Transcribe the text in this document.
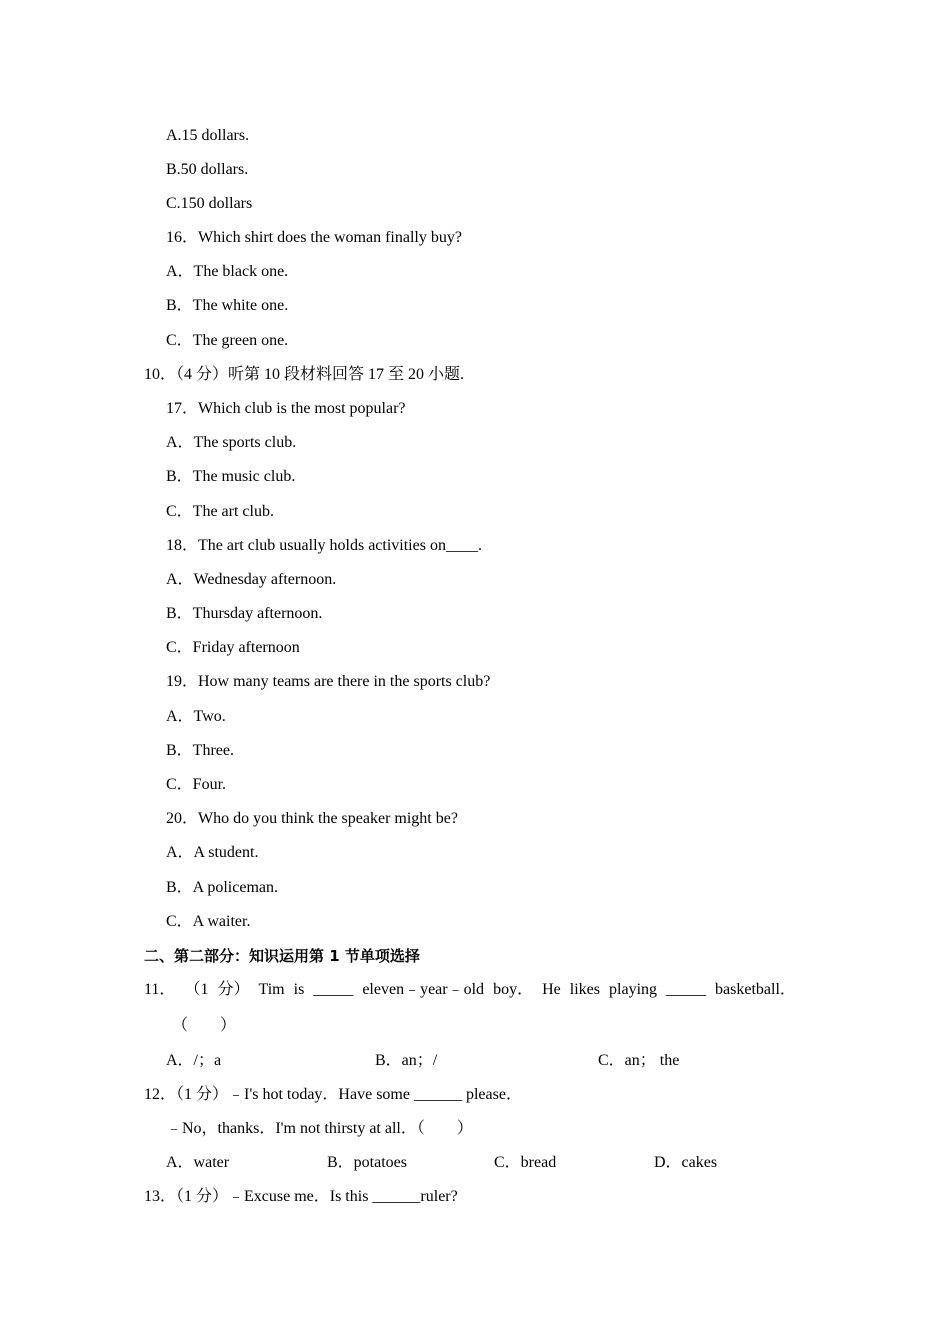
A.15 dollars.
B.50 dollars.
C.150 dollars
16．Which shirt does the woman finally buy?
A．The black one.
B．The white one.
C．The green one.
10．（4 分）听第 10 段材料回答 17 至 20 小题.
17．Which club is the most popular?
A．The sports club.
B．The music club.
C．The art club.
18．The art club usually holds activities on____.
A．Wednesday afternoon.
B．Thursday afternoon.
C．Friday afternoon
19．How many teams are there in the sports club?
A．Two.
B．Three.
C．Four.
20．Who do you think the speaker might be?
A．A student.
B．A policeman.
C．A waiter.
二、第二部分：知识运用第 1 节单项选择
11． （1 分） Tim is _____ eleven﹣year﹣old boy． He likes playing _____ basketball．
（　　）

A．/；a

	B．an；/

	C．an； the

12．（1 分）﹣I's hot today．Have some ______ please．
﹣No，thanks．I'm not thirsty at all．（　　）

A．water

	B．potatoes

	C．bread

	D．cakes

13．（1 分）﹣Excuse me．Is this ______ruler?
